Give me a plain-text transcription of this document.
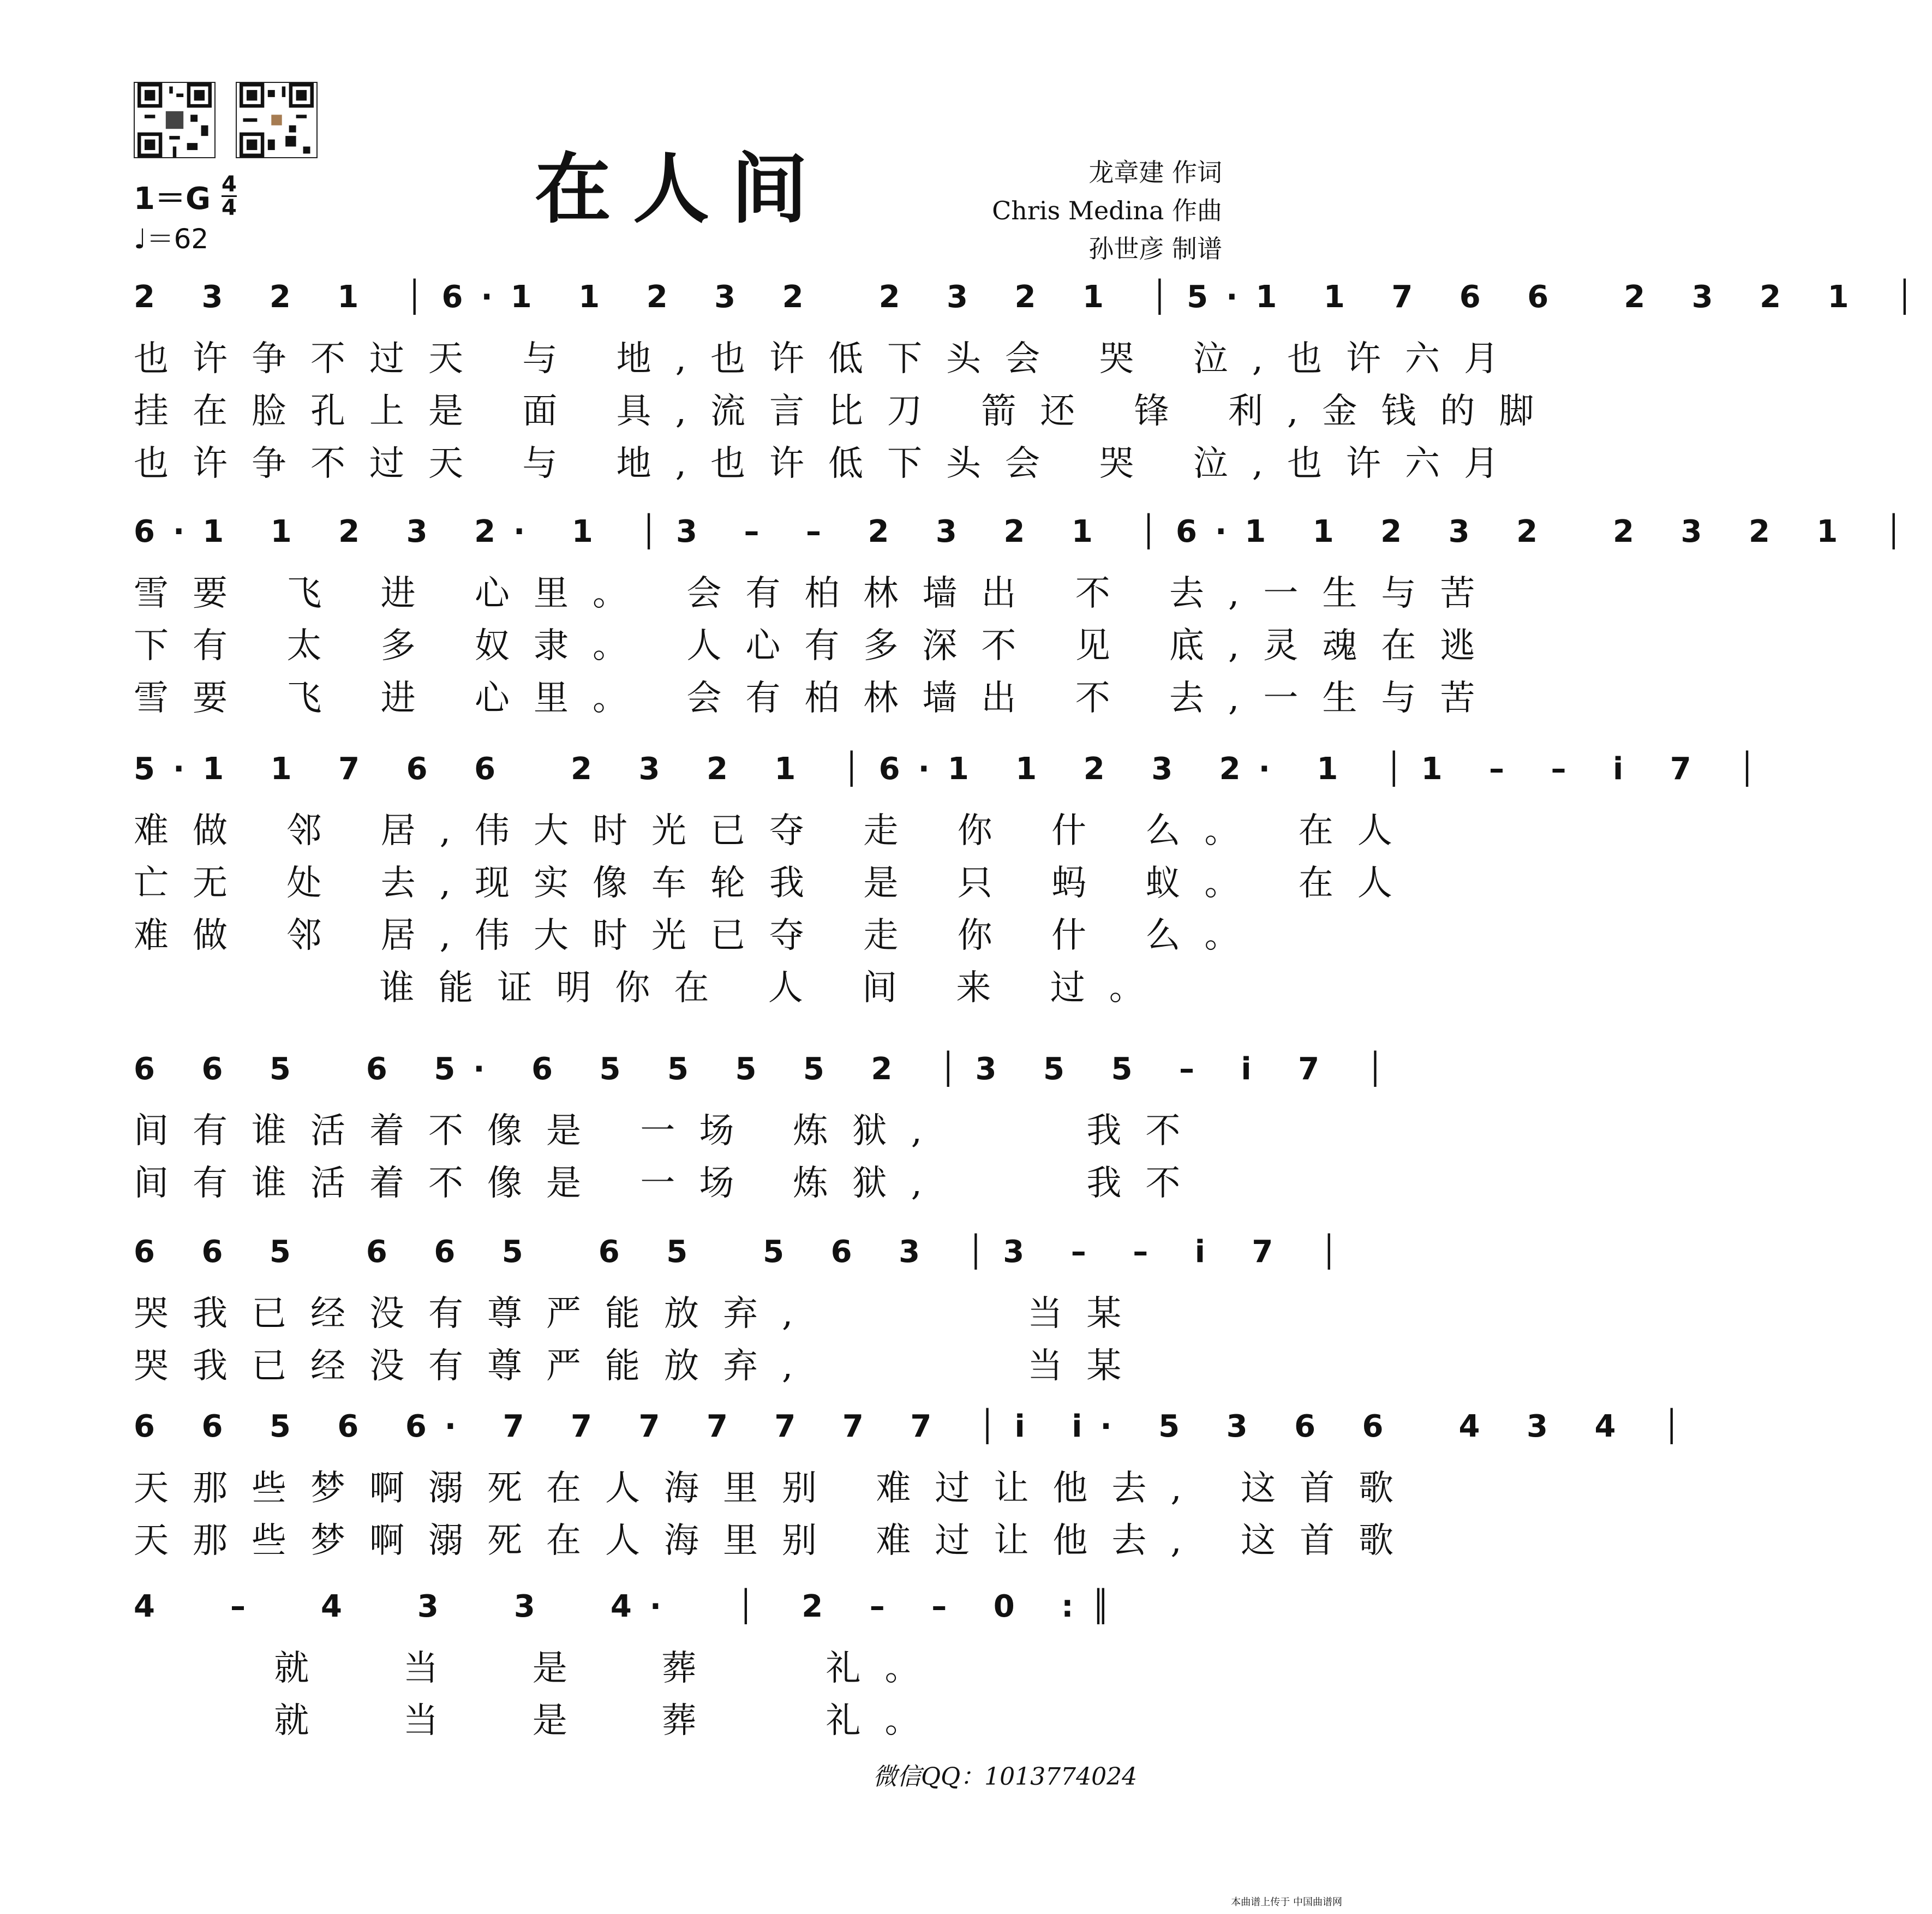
在人间	龙章建 作词
Chris Medina 作曲
孙世彦 制谱
1＝G 4
4
♩＝62
2 3 2 1 │6·1 1 2 3 2  2 3 2 1 │5·1 1 7 6 6  2 3 2 1 │
也许争不过天 与 地,也许低下头会 哭 泣,也许六月
挂在脸孔上是 面 具,流言比刀 箭还 锋 利,金钱的脚
也许争不过天 与 地,也许低下头会 哭 泣,也许六月
6·1 1 2 3 2· 1 │3 – – 2 3 2 1 │6·1 1 2 3 2  2 3 2 1 │
雪要 飞 进 心里。 会有柏林墙出 不 去,一生与苦
下有 太 多 奴隶。 人心有多深不 见 底,灵魂在逃
雪要 飞 进 心里。 会有柏林墙出 不 去,一生与苦
5·1 1 7 6 6  2 3 2 1 │6·1 1 2 3 2· 1 │1 – – i 7 │
难做 邻 居,伟大时光已夺 走 你 什 么。 在人
亡无 处 去,现实像车轮我 是 只 蚂 蚁。 在人
难做 邻 居,伟大时光已夺 走 你 什 么。
谁能证明你在 人 间 来 过。
6 6 5  6 5· 6 5 5 5 5 2 │3 5 5 – i 7 │
间有谁活着不像是 一场 炼狱,    我不
间有谁活着不像是 一场 炼狱,    我不
6 6 5  6 6 5  6 5  5 6 3 │3 – – i 7 │
哭我已经没有尊严能放弃,      当某
哭我已经没有尊严能放弃,      当某
6 6 5 6 6· 7 7 7 7 7 7 7 │i i· 5 3 6 6  4 3 4 │
天那些梦啊溺死在人海里别 难过让他去, 这首歌
天那些梦啊溺死在人海里别 难过让他去, 这首歌
4  –  4  3  3  4·  │ 2 – – 0 :║
就  当  是  葬   礼。
就  当  是  葬   礼。
微信QQ：1013774024
本曲谱上传于 中国曲谱网
